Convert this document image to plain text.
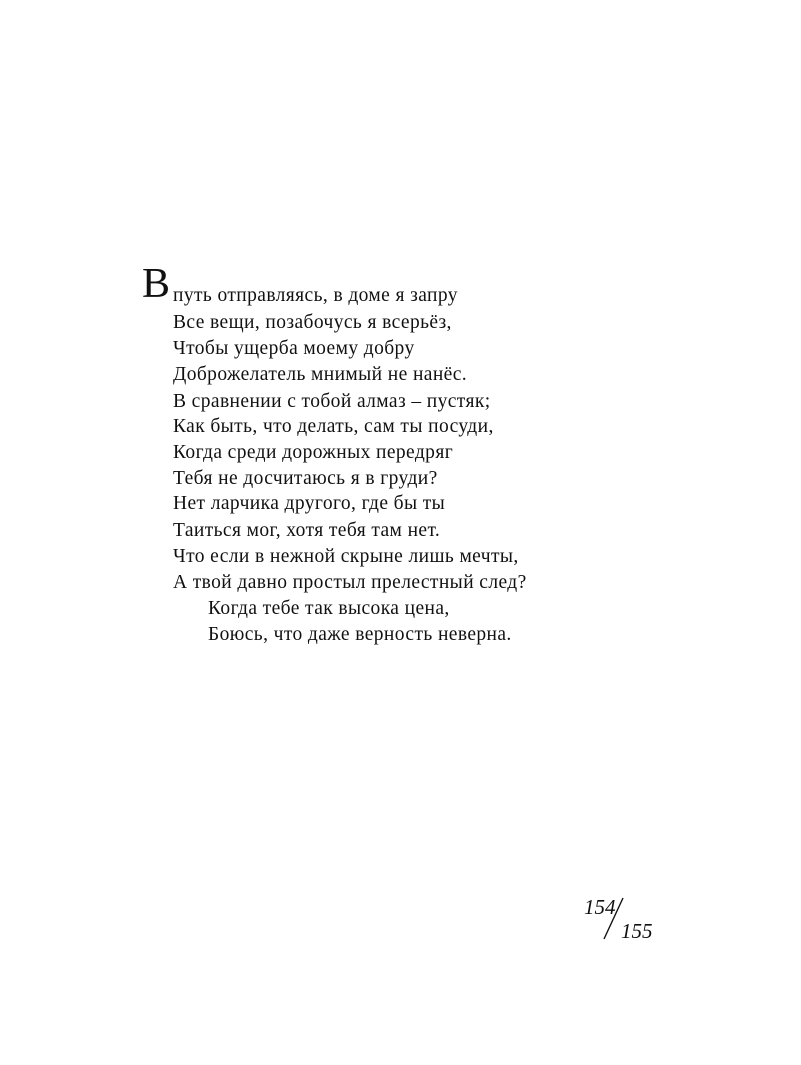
В путь отправляясь, в доме я запру
Все вещи, позабочусь я всерьёз,
Чтобы ущерба моему добру
Доброжелатель мнимый не нанёс.
В сравнении с тобой алмаз – пустяк;
Как быть, что делать, сам ты посуди,
Когда среди дорожных передряг
Тебя не досчитаюсь я в груди?
Нет ларчика другого, где бы ты
Таиться мог, хотя тебя там нет.
Что если в нежной скрыне лишь мечты,
А твой давно простыл прелестный след?
Когда тебе так высока цена,
Боюсь, что даже верность неверна.
154
155
